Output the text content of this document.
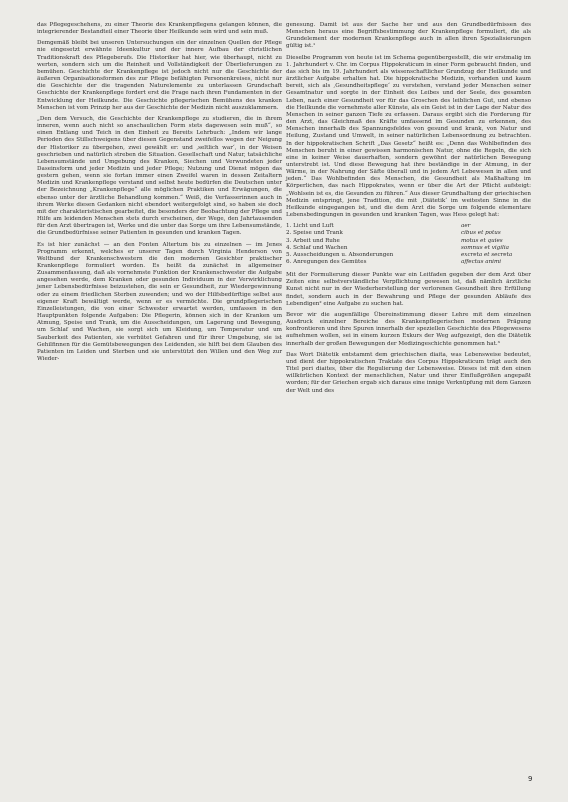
das Pflegegeschehens, zu einer Theorie des Krankenpflegens gelangen können, die integrierender Bestandteil einer Theorie über Heilkunde sein wird und sein muß.

Demgemäß bleibt bei unseren Untersuchungen ein der einzelnen Quellen der Pflege nie eingesetzt erwähnte Ideenkultur und der innere Aufbau der christlichen Traditionskraft des Pflegeberufs. Die Historiker hat hier, wie überhaupt, nicht zu werten, sondern sich um die Reinheit und Vollständigkeit der Überlieferungen zu bemühen. Geschichte der Krankenpflege ist jedoch nicht nur die Geschichte der äußeren Organisationsformen des zur Pflege befähigten Personenkreises, nicht nur die Geschichte der die tragenden Naturelemente zu unterlassen Grundschaft Geschichte der Krankenpflege fordert erst die Frage nach ihren Fundamenten in der Entwicklung der Heilkunde. Die Geschichte pflegerischen Bemühens des kranken Menschen ist vom Prinzip her aus der Geschichte der Medizin nicht auszuklammern.

„Den dem Versuch, die Geschichte der Krankenpflege zu studieren, die in ihrem inneren, wenn auch nicht so anschaulichen Form stets dagewesen sein muß“, so einen Entlang und Teich in den Einheit zu Bereits Lehrbuch: „Indem wir lange Perioden des Stillschweigens über diesen Gegenstand zweifellos wegen der Neigung der Historiker zu übergehen, zwei gewählt er: und ,seltlich war‘, in der Weisen geschrieben und natürlich streben die Situation. Gesellschaft und Natur, tatsächliche Lebensumstände und Umgebung des Kranken, Siechen und Verwundeten jeder Daseinsform und jeder Medizin und jeder Pflege; Nutzung und Dienst mögen das gestern gehen, wenn sie fortan immer einen Zweifel waren in dessen Zeitaltern Medizin und Krankenpflege verstand und selbst heute bedürfen die Deutschen unter der Bezeichnung „Krankenpflege“ alle möglichen Praktiken und Erwägungen, die ebenso unter der ärztliche Behandlung kommen.“ Weiß, die Verfasserinnen auch in ihrem Werke diesen Gedanken nicht ebendort weitergefolgt sind, so haben sie doch mit der charakteristischen gearbeitet, die besonders der Beobachtung der Pflege und Hilfe am leidenden Menschen stets durch erscheinen, der Wege, den Jahrtausenden für den Arzt übertragen ist, Werke und die unter das Sorge um ihre Lebensumstände, die Grundbedürfnisse seiner Patienten in gesunden und kranken Tagen.

Es ist hier zunächst — an den Fonten Altertum bis zu einzelnen — im Jenes Programm erkennt, welches er unserer Tagen durch Virginia Henderson von Weltbund der Krankenschwestern die den modernen Gesichter praktischer Krankenpflege formuliert worden. Es heißt da zunächst in allgemeiner Zusammenfassung, daß als vornehmste Funktion der Krankenschwester die Aufgabe angesehen werde, dem Kranken oder gesunden Individuum in der Verwirklichung jener Lebensbedürfnisse beizustehen, die sein er Gesundheit, zur Wiedergewinnung oder zu einem friedlichen Sterben zuwenden; und wo der Hilfsbedürftige selbst aus eigener Kraft bewältigt werde, wenn er es vermöchte. Die grundpflegerischen Einzelleistungen, die von einer Schwester erwartet werden, umfassen in den Hauptpunkten folgende Aufgaben: Die Pflegerin, können sich in der Kranken um Atmung, Speise und Trank, um die Ausscheidungen, um Lagerung und Bewegung, um Schlaf und Wachen, sie sorgt sich um Kleidung, um Temperatur und um Sauberkeit des Patienten, sie verhütet Gefahren und für ihrer Umgebung, sie ist Gehilfinnen für die Gemütsbewegungen des Leidenden, sie hilft bei dem Glauben des Patienten im Leiden und Sterben und sie unterstützt den Willen und den Weg zur Wieder-

genesung. Damit ist aus der Sache her und aus den Grundbedürfnissen des Menschen heraus eine Begriffsbestimmung der Krankenpflege formuliert, die als Grundelement der modernen Krankenpflege auch in allen ihren Spezialisierungen gültig ist.¹

Dieselbe Programm von heute ist im Schema gegenübergestellt, die wir erstmalig im 1. Jahrhundert v. Chr. im Corpus Hippokraticum in einer Form gebraucht finden, und das sich bis im 19. Jahrhundert als wissenschaftlicher Grundzug der Heilkunde und ärztlicher Aufgabe erhalten hat. Die hippokratische Medizin, vorhanden und kaum bereit, sich als ,Gesundheitspflege‘ zu verstehen, verstand jeder Menschen seiner Gesamtnatur und sorgte in der Einheit des Leibes und der Seele, des gesamten Leben, nach einer Gesundheit vor für das Groschen des leiblichen Gut, und ebenso die Heilkunde die vornehmste aller Künste, als ein Geist ist in der Lage der Natur des Menschen in seiner ganzen Tiefe zu erfassen. Daraus ergibt sich die Forderung für den Arzt, das Gleichmaß des Kräfte umfassend im Gesunden zu erkennen, des Menschen innerhalb des Spannungsfeldes von gesund und krank, von Natur und Heilung, Zustand und Umwelt, in seiner natürlichen Lebensordnung zu betrachten. In der hippokratischen Schrift „Das Gesetz“ heißt es: „Denn das Wohlbefinden des Menschen beruht in einer gewissen harmonischen Natur, ohne die Regeln, die sich eine in keiner Weise dauerhaften, sondern gewöhnt der natürlichen Bewegung unterstrebt ist. Und diese Bewegung hat ihre beständige in der Atmung, in der Wärme, in der Nahrung der Säfte überall und in jedem Art Lebewesen in allen und jeden.“ Das Wohlbefinden des Menschen, die Gesundheit als Maßhaltung im Körperlichen, das nach Hippokrates, wenn er über die Art der Pflicht aufsteigt: „Wohlsein ist es, die Gesunden zu führen.“ Aus dieser Grundhaltung der griechischen Medizin entspringt, jene Tradition, die mit ,Diätetik‘ im weitesten Sinne in die Heilkunde eingegangen ist, und die dem Arzt die Sorge um folgende elementare Lebensbedingungen in gesunden und kranken Tagen, was Hess gelegt hat:

1. Licht und Luft	aer
2. Speise und Trank	cibus et potus
3. Arbeit und Ruhe	motus et quies
4. Schlaf und Wachen	somnus et vigilia
5. Ausscheidungen u. Absonderungen	excreta et secreta
6. Anregungen des Gemütes	affectus animi

Mit der Formulierung dieser Punkte war ein Leitfaden gegeben der dem Arzt über Zeiten eine selbstverständliche Verpflichtung gewesen ist, daß nämlich ärztliche Kunst nicht nur in der Wiederherstellung der verlorenen Gesundheit ihre Erfüllung findet, sondern auch in der Bewahrung und Pflege der gesunden Abläufe des Lebendigen² eine Aufgabe zu suchen hat.

Bevor wir die augenfällige Übereinstimmung dieser Lehre mit dem einzelnen Ausdruck einzelner Bereiche des Krankenpflegerischen modernen Prägung konfrontieren und ihre Spuren innerhalb der speziellen Geschichte des Pflegewesens aufnehmen wollen, sei in einem kurzen Exkurs der Weg aufgezeigt, den die Diätetik innerhalb der großen Bewegungen der Medizingeschichte genommen hat.³

Das Wort Diätetik entstammt dem griechischen diaita, was Lebensweise bedeutet, und dient der hippokratischen Traktate des Corpus Hippokraticum trägt auch den Titel peri diaites, über die Regulierung der Lebensweise. Dieses ist mit den einen willkürlichen Kontext der menschlichen, Natur und ihrer Einflußgrößen angepaßt worden; für der Griechen ergab sich daraus eine innige Verknüpfung mit dem Ganzen der Welt und des

9
